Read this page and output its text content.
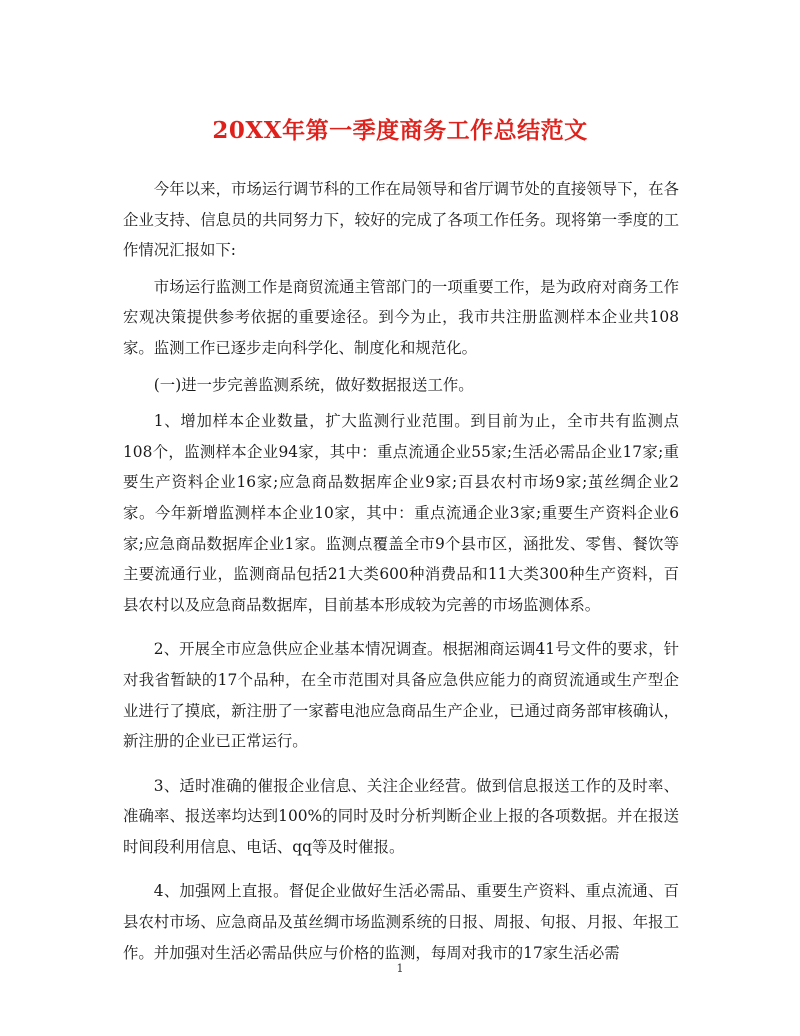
20XX年第一季度商务工作总结范文

今年以来，市场运行调节科的工作在局领导和省厅调节处的直接领导下，在各企业支持、信息员的共同努力下，较好的完成了各项工作任务。现将第一季度的工作情况汇报如下:

市场运行监测工作是商贸流通主管部门的一项重要工作，是为政府对商务工作宏观决策提供参考依据的重要途径。到今为止，我市共注册监测样本企业共108家。监测工作已逐步走向科学化、制度化和规范化。

(一)进一步完善监测系统，做好数据报送工作。

1、增加样本企业数量，扩大监测行业范围。到目前为止，全市共有监测点108个，监测样本企业94家，其中：重点流通企业55家;生活必需品企业17家;重要生产资料企业16家;应急商品数据库企业9家;百县农村市场9家;茧丝绸企业2家。今年新增监测样本企业10家，其中：重点流通企业3家;重要生产资料企业6家;应急商品数据库企业1家。监测点覆盖全市9个县市区，涵批发、零售、餐饮等主要流通行业，监测商品包括21大类600种消费品和11大类300种生产资料，百县农村以及应急商品数据库，目前基本形成较为完善的市场监测体系。

2、开展全市应急供应企业基本情况调查。根据湘商运调41号文件的要求，针对我省暂缺的17个品种，在全市范围对具备应急供应能力的商贸流通或生产型企业进行了摸底，新注册了一家蓄电池应急商品生产企业，已通过商务部审核确认，新注册的企业已正常运行。

3、适时准确的催报企业信息、关注企业经营。做到信息报送工作的及时率、准确率、报送率均达到100%的同时及时分析判断企业上报的各项数据。并在报送时间段利用信息、电话、qq等及时催报。

4、加强网上直报。督促企业做好生活必需品、重要生产资料、重点流通、百县农村市场、应急商品及茧丝绸市场监测系统的日报、周报、旬报、月报、年报工作。并加强对生活必需品供应与价格的监测，每周对我市的17家生活必需

1
